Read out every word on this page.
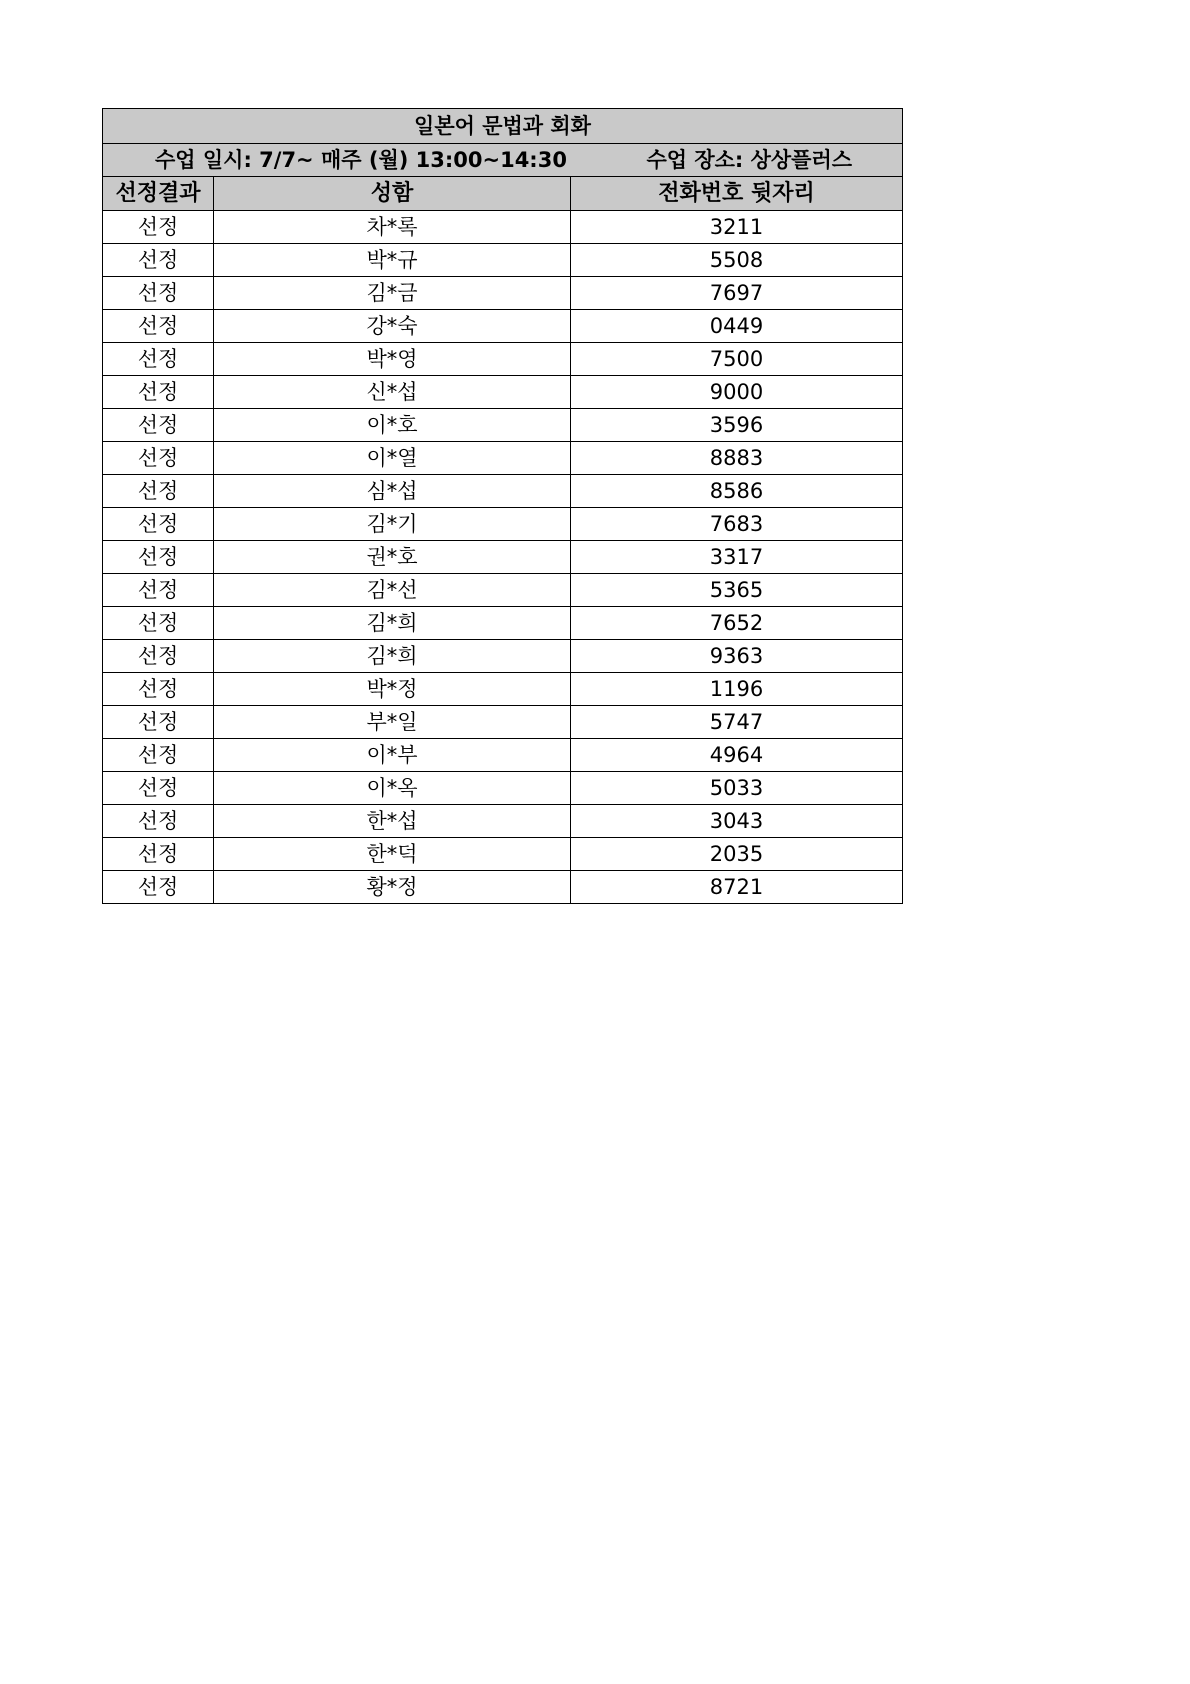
일본어 문법과 회화		

수업 일시: 7/7~ 매주 (월) 13:00~14:30 수업 장소: 상상플러스		

선정결과	성함	전화번호 뒷자리
선정	차*록	3211
선정	박*규	5508
선정	김*금	7697
선정	강*숙	0449
선정	박*영	7500
선정	신*섭	9000
선정	이*호	3596
선정	이*열	8883
선정	심*섭	8586
선정	김*기	7683
선정	권*호	3317
선정	김*선	5365
선정	김*희	7652
선정	김*희	9363
선정	박*정	1196
선정	부*일	5747
선정	이*부	4964
선정	이*옥	5033
선정	한*섭	3043
선정	한*덕	2035
선정	황*정	8721
